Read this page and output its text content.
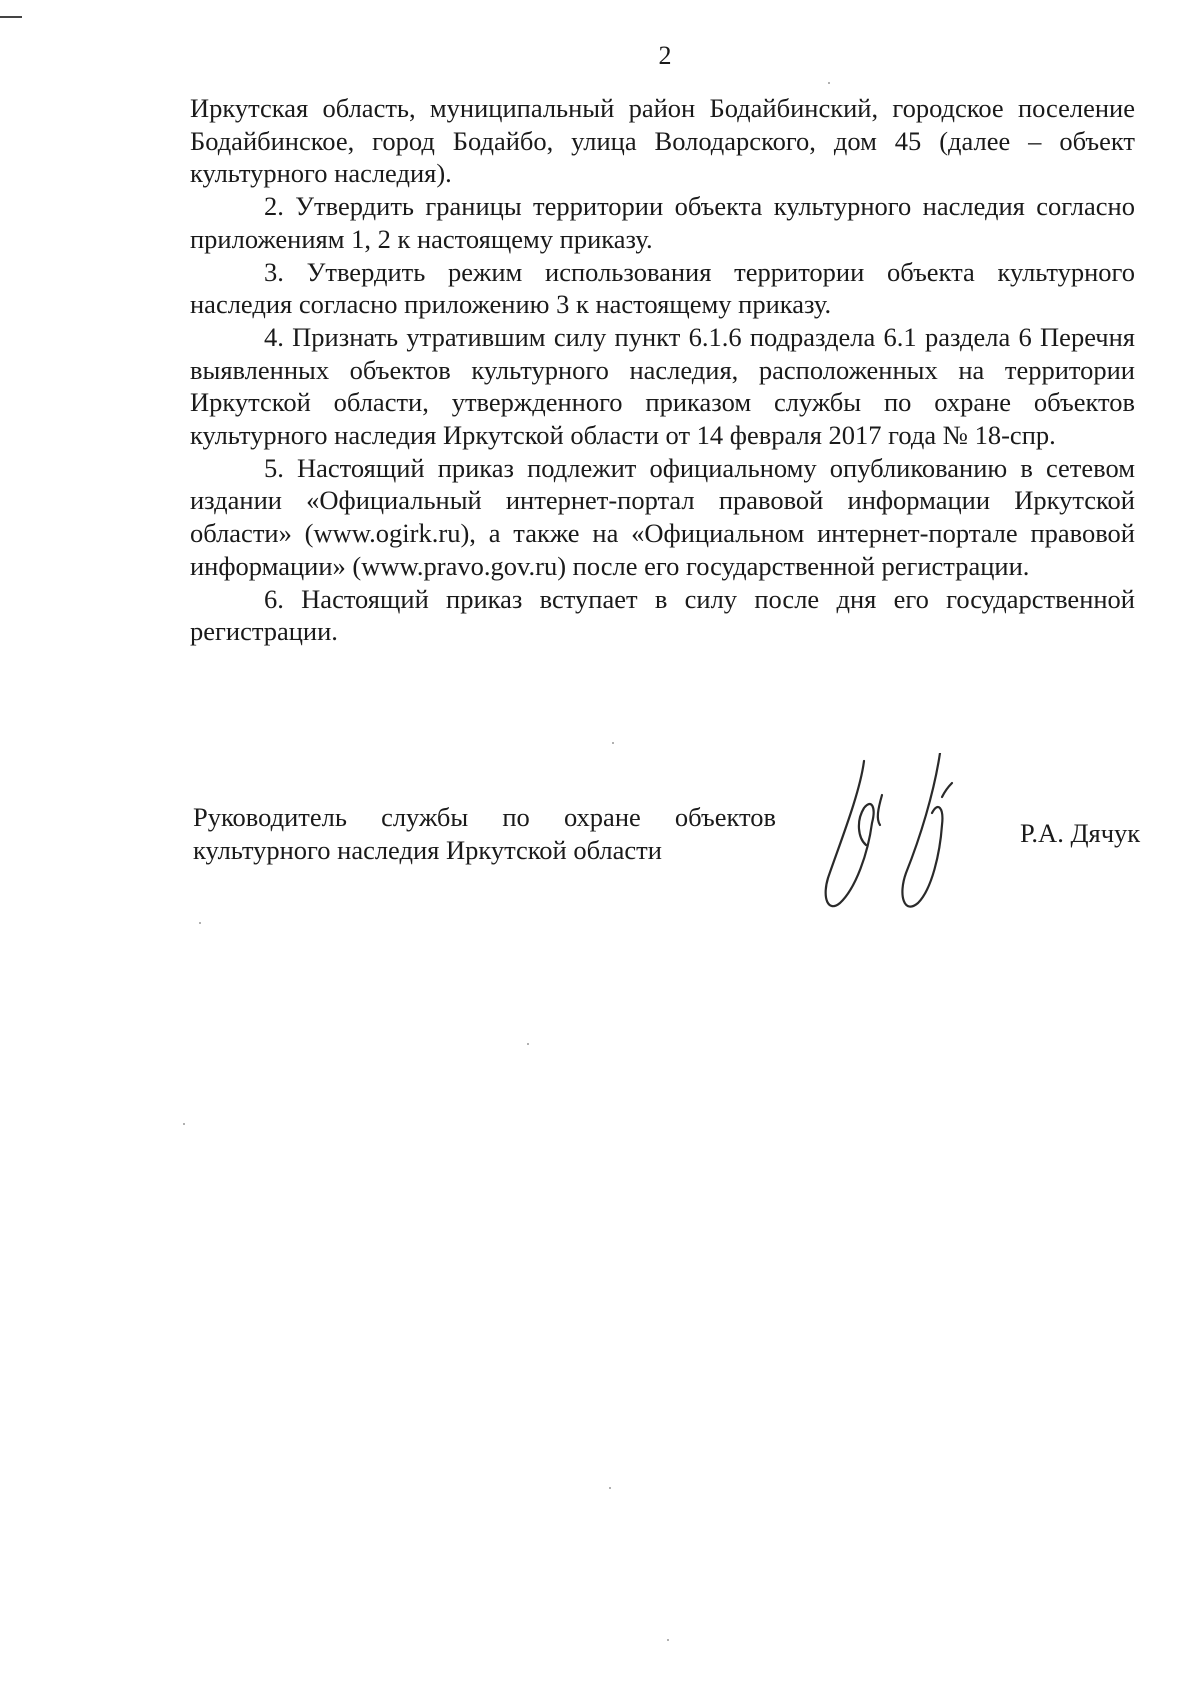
2

Иркутская область, муниципальный район Бодайбинский, городское поселение Бодайбинское, город Бодайбо, улица Володарского, дом 45 (далее – объект культурного наследия).

2. Утвердить границы территории объекта культурного наследия согласно приложениям 1, 2 к настоящему приказу.

3. Утвердить режим использования территории объекта культурного наследия согласно приложению 3 к настоящему приказу.

4. Признать утратившим силу пункт 6.1.6 подраздела 6.1 раздела 6 Перечня выявленных объектов культурного наследия, расположенных на территории Иркутской области, утвержденного приказом службы по охране объектов культурного наследия Иркутской области от 14 февраля 2017 года № 18-спр.

5. Настоящий приказ подлежит официальному опубликованию в сетевом издании «Официальный интернет-портал правовой информации Иркутской области» (www.ogirk.ru), а также на «Официальном интернет-портале правовой информации» (www.pravo.gov.ru) после его государственной регистрации.

6. Настоящий приказ вступает в силу после дня его государственной регистрации.

Руководитель службы по охране объектов
культурного наследия Иркутской области
Р.А. Дячук
